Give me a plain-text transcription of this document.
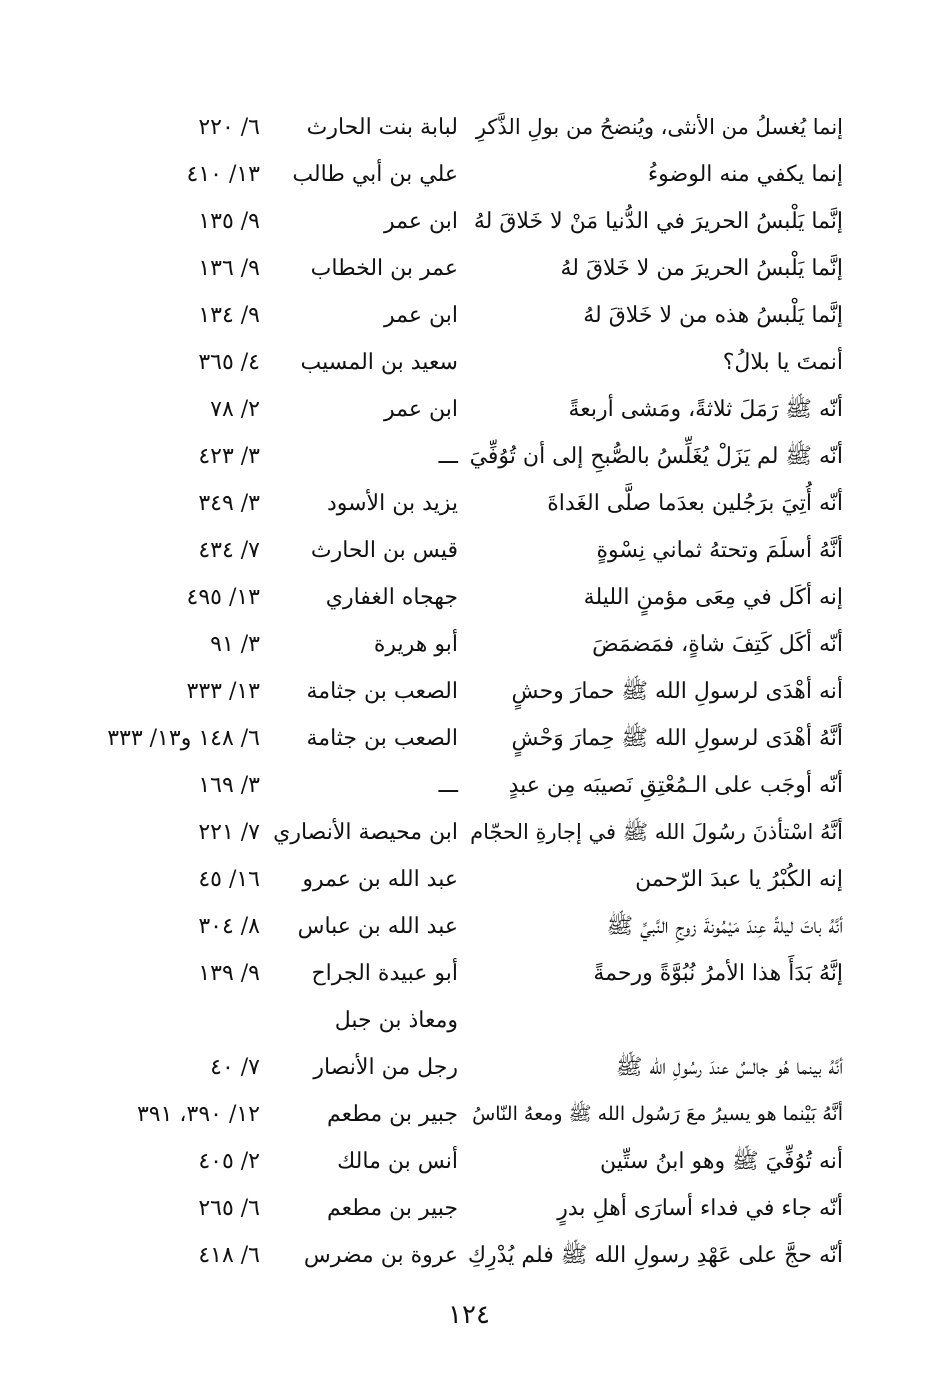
إنما يُغسلُ من الأنثى، ويُنضحُ من بولِ الذَّكرِ
لبابة بنت الحارث
٦/ ٢٢٠
إنما يكفي منه الوضوءُ
علي بن أبي طالب
١٣/ ٤١٠
إنَّما يَلْبسُ الحريرَ في الدُّنيا مَنْ لا خَلاقَ لهُ
ابن عمر
٩/ ١٣٥
إنَّما يَلْبسُ الحريرَ من لا خَلاقَ لهُ
عمر بن الخطاب
٩/ ١٣٦
إنَّما يَلْبسُ هذه من لا خَلاقَ لهُ
ابن عمر
٩/ ١٣٤
أنمتَ يا بلالُ؟
سعيد بن المسيب
٤/ ٣٦٥
أنّه ﷺ رَمَلَ ثلاثةً، ومَشى أربعةً
ابن عمر
٢/ ٧٨
أنّه ﷺ لم يَزَلْ يُغَلِّسُ بالصُّبحِ إلى أن تُوُفِّيَ
ـــ
٣/ ٤٢٣
أنّه أُتِيَ برَجُلين بعدَما صلَّى الغَداةَ
يزيد بن الأسود
٣/ ٣٤٩
أنَّهُ أسلَمَ وتحتهُ ثماني نِسْوةٍ
قيس بن الحارث
٧/ ٤٣٤
إنه أكَل في مِعَى مؤمنٍ الليلة
جهجاه الغفاري
١٣/ ٤٩٥
أنّه أكَل كَتِفَ شاةٍ، فمَضمَضَ
أبو هريرة
٣/ ٩١
أنه أهْدَى لرسولِ الله ﷺ حمارَ وحشٍ
الصعب بن جثامة
١٣/ ٣٣٣
أنَّهُ أهْدَى لرسولِ الله ﷺ حِمارَ وَحْشٍ
الصعب بن جثامة
٦/ ١٤٨ و١٣/ ٣٣٣
أنّه أوجَب على الـمُعْتِقِ نَصيبَه مِن عبدٍ
ـــ
٣/ ١٦٩
أنَّهُ اسْتأذنَ رسُولَ الله ﷺ في إجارةِ الحجّام
ابن محيصة الأنصاري
٧/ ٢٢١
إنه الكُبْرُ يا عبدَ الرّحمن
عبد الله بن عمرو
١٦/ ٤٥
أنَّهُ باتَ ليلةً عِندَ مَيْمُونةَ زوجِ النَّبيِّ ﷺ
عبد الله بن عباس
٨/ ٣٠٤
إنَّهُ بَدَأَ هذا الأمرُ نُبُوَّةً ورحمةً
أبو عبيدة الجراح
٩/ ١٣٩
ومعاذ بن جبل
أنَّهُ بينما هُو جالسٌ عندَ رسُولِ الله ﷺ
رجل من الأنصار
٧/ ٤٠
أنَّهُ بَيْنما هو يسيرُ معَ رَسُول الله ﷺ ومعهُ النّاسُ
جبير بن مطعم
١٢/ ٣٩٠، ٣٩١
أنه تُوُفِّيَ ﷺ وهو ابنُ ستِّين
أنس بن مالك
٢/ ٤٠٥
أنّه جاء في فداء أسارَى أهلِ بدرٍ
جبير بن مطعم
٦/ ٢٦٥
أنّه حجَّ على عَهْدِ رسولِ الله ﷺ فلم يُدْرِكِ
عروة بن مضرس
٦/ ٤١٨
١٢٤
